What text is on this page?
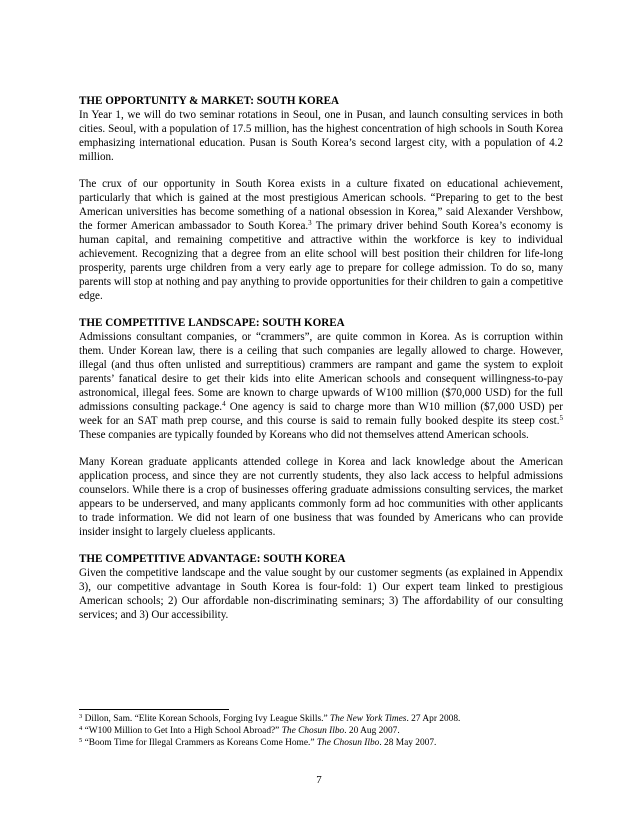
THE OPPORTUNITY & MARKET: SOUTH KOREA

In Year 1, we will do two seminar rotations in Seoul, one in Pusan, and launch consulting services in both cities. Seoul, with a population of 17.5 million, has the highest concentration of high schools in South Korea emphasizing international education. Pusan is South Korea’s second largest city, with a population of 4.2 million.

The crux of our opportunity in South Korea exists in a culture fixated on educational achievement, particularly that which is gained at the most prestigious American schools. “Preparing to get to the best American universities has become something of a national obsession in Korea,” said Alexander Vershbow, the former American ambassador to South Korea.$^3$ The primary driver behind South Korea’s economy is human capital, and remaining competitive and attractive within the workforce is key to individual achievement. Recognizing that a degree from an elite school will best position their children for life-long prosperity, parents urge children from a very early age to prepare for college admission. To do so, many parents will stop at nothing and pay anything to provide opportunities for their children to gain a competitive edge.

THE COMPETITIVE LANDSCAPE: SOUTH KOREA

Admissions consultant companies, or “crammers”, are quite common in Korea. As is corruption within them. Under Korean law, there is a ceiling that such companies are legally allowed to charge. However, illegal (and thus often unlisted and surreptitious) crammers are rampant and game the system to exploit parents’ fanatical desire to get their kids into elite American schools and consequent willingness-to-pay astronomical, illegal fees. Some are known to charge upwards of W100 million ($70,000 USD) for the full admissions consulting package.$^4$ One agency is said to charge more than W10 million ($7,000 USD) per week for an SAT math prep course, and this course is said to remain fully booked despite its steep cost.$^5$ These companies are typically founded by Koreans who did not themselves attend American schools.

Many Korean graduate applicants attended college in Korea and lack knowledge about the American application process, and since they are not currently students, they also lack access to helpful admissions counselors. While there is a crop of businesses offering graduate admissions consulting services, the market appears to be underserved, and many applicants commonly form ad hoc communities with other applicants to trade information. We did not learn of one business that was founded by Americans who can provide insider insight to largely clueless applicants.

THE COMPETITIVE ADVANTAGE: SOUTH KOREA

Given the competitive landscape and the value sought by our customer segments (as explained in Appendix 3), our competitive advantage in South Korea is four-fold: 1) Our expert team linked to prestigious American schools; 2) Our affordable non-discriminating seminars; 3) The affordability of our consulting services; and 3) Our accessibility.

$^3$ Dillon, Sam. “Elite Korean Schools, Forging Ivy League Skills.” The New York Times. 27 Apr 2008.

$^4$ “W100 Million to Get Into a High School Abroad?” The Chosun Ilbo. 20 Aug 2007.

$^5$ “Boom Time for Illegal Crammers as Koreans Come Home.” The Chosun Ilbo. 28 May 2007.

7
